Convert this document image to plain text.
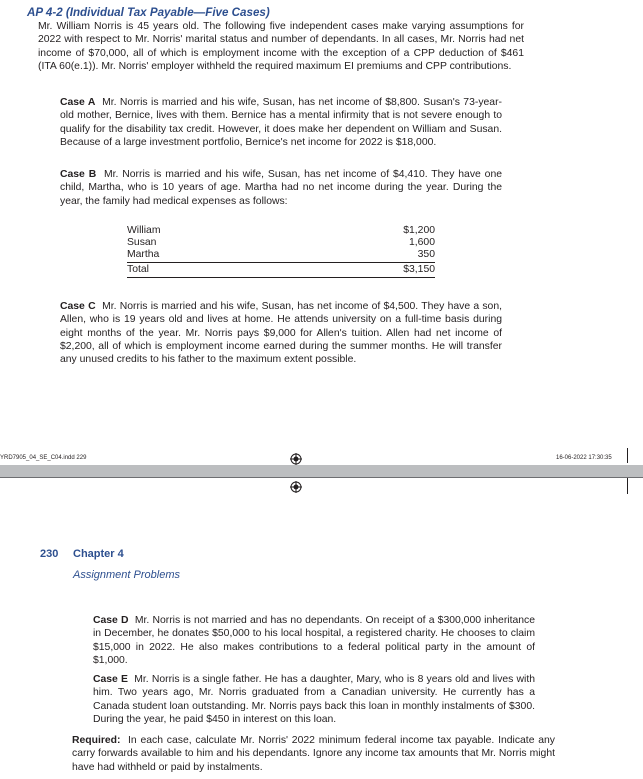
AP 4-2 (Individual Tax Payable—Five Cases)

Mr. William Norris is 45 years old. The following five independent cases make varying assumptions for 2022 with respect to Mr. Norris' marital status and number of dependants. In all cases, Mr. Norris had net income of $70,000, all of which is employment income with the exception of a CPP deduction of $461 (ITA 60(e.1)). Mr. Norris' employer withheld the required maximum EI premiums and CPP contributions.

Case A Mr. Norris is married and his wife, Susan, has net income of $8,800. Susan's 73-year-old mother, Bernice, lives with them. Bernice has a mental infirmity that is not severe enough to qualify for the disability tax credit. However, it does make her dependent on William and Susan. Because of a large investment portfolio, Bernice's net income for 2022 is $18,000.

Case B Mr. Norris is married and his wife, Susan, has net income of $4,410. They have one child, Martha, who is 10 years of age. Martha had no net income during the year. During the year, the family had medical expenses as follows:

William	$1,200
Susan	1,600
Martha	350
Total	$3,150

Case C Mr. Norris is married and his wife, Susan, has net income of $4,500. They have a son, Allen, who is 19 years old and lives at home. He attends university on a full-time basis during eight months of the year. Mr. Norris pays $9,000 for Allen's tuition. Allen had net income of $2,200, all of which is employment income earned during the summer months. He will transfer any unused credits to his father to the maximum extent possible.

YRD7905_04_SE_C04.indd 229	16-06-2022 17:30:35
230 Chapter 4
Assignment Problems

Case D Mr. Norris is not married and has no dependants. On receipt of a $300,000 inheritance in December, he donates $50,000 to his local hospital, a registered charity. He chooses to claim $15,000 in 2022. He also makes contributions to a federal political party in the amount of $1,000.

Case E Mr. Norris is a single father. He has a daughter, Mary, who is 8 years old and lives with him. Two years ago, Mr. Norris graduated from a Canadian university. He currently has a Canada student loan outstanding. Mr. Norris pays back this loan in monthly instalments of $300. During the year, he paid $450 in interest on this loan.

Required: In each case, calculate Mr. Norris' 2022 minimum federal income tax payable. Indicate any carry forwards available to him and his dependants. Ignore any income tax amounts that Mr. Norris might have had withheld or paid by instalments.
